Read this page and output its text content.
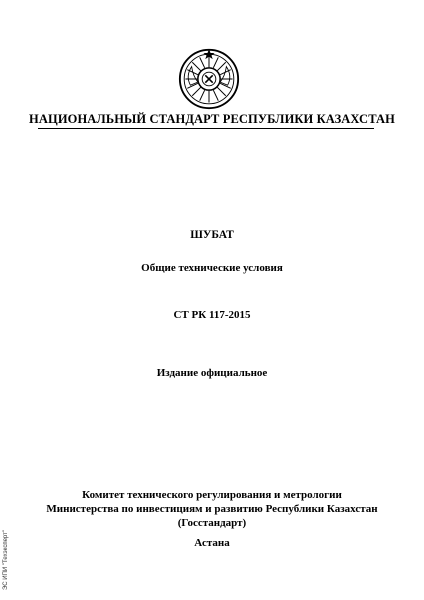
НАЦИОНАЛЬНЫЙ СТАНДАРТ РЕСПУБЛИКИ КАЗАХСТАН
ШУБАТ
Общие технические условия
СТ РК 117-2015
Издание официальное
Комитет технического регулирования и метрологии
Министерства по инвестициям и развитию Республики Казахстан
(Госстандарт)
Астана
ЭС ИПИ "Техэксперт"
